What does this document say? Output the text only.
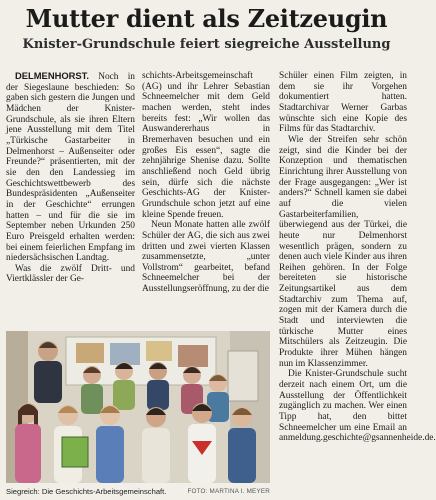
Mutter dient als Zeitzeugin
Knister-Grundschule feiert siegreiche Ausstellung

DELMENHORST. Noch in der Siegeslaune beschieden: So gaben sich gestern die Jungen und Mädchen der Knister-Grundschule, als sie ihren Eltern jene Ausstellung mit dem Titel „Türkische Gastarbeiter in Delmenhorst – Außenseiter oder Freunde?“ präsentierten, mit der sie den den Landessieg im Geschichtswettbewerb des Bundespräsidenten „Außenseiter in der Geschichte“ errungen hatten – und für die sie im September neben Urkunden 250 Euro Preisgeld erhalten werden: bei einem feierlichen Empfang im niedersächsischen Landtag.

Was die zwölf Dritt- und Viertklässler der Ge-

schichts-Arbeitsgemeinschaft (AG) und ihr Lehrer Sebastian Schneemelcher mit dem Geld machen werden, steht indes bereits fest: „Wir wollen das Auswandererhaus in Bremerhaven besuchen und ein großes Eis essen“, sagte die zehnjährige Shenise dazu. Sollte anschließend noch Geld übrig sein, dürfe sich die nächste Geschichts-AG der Knister-Grundschule schon jetzt auf eine kleine Spende freuen.

Neun Monate hatten alle zwölf Schüler der AG, die sich aus zwei dritten und zwei vierten Klassen zusammensetzte, „unter Vollstrom“ gearbeitet, befand Schneemelcher bei der Ausstellungseröffnung, zu der die

Schüler einen Film zeigten, in dem sie ihr Vorgehen dokumentiert hatten. Stadtarchivar Werner Garbas wünschte sich eine Kopie des Films für das Stadtarchiv.

Wie der Streifen sehr schön zeigt, sind die Kinder bei der Konzeption und thematischen Einrichtung ihrer Ausstellung von der Frage ausgegangen: „Wer ist anders?“ Schnell kamen sie dabei auf die vielen Gastarbeiterfamilien, überwiegend aus der Türkei, die heute nur Delmenhorst wesentlich prägen, sondern zu denen auch viele Kinder aus ihren Reihen gehören. In der Folge bereiteten sie historische Zeitungsartikel aus dem Stadtarchiv zum Thema auf, zogen mit der Kamera durch die Stadt und interviewten die türkische Mutter eines Mitschülers als Zeitzeugin. Die Produkte ihrer Mühen hängen nun im Klassenzimmer.

Die Knister-Grundschule sucht derzeit nach einem Ort, um die Ausstellung der Öffentlichkeit zugänglich zu machen. Wer einen Tipp hat, den bittet Schneemelcher um eine Email an anmeldung.geschichte@gsannenheide.de.

Siegreich: Die Geschichts-Arbeitsgemeinschaft.	FOTO: MARTINA I. MEYER
